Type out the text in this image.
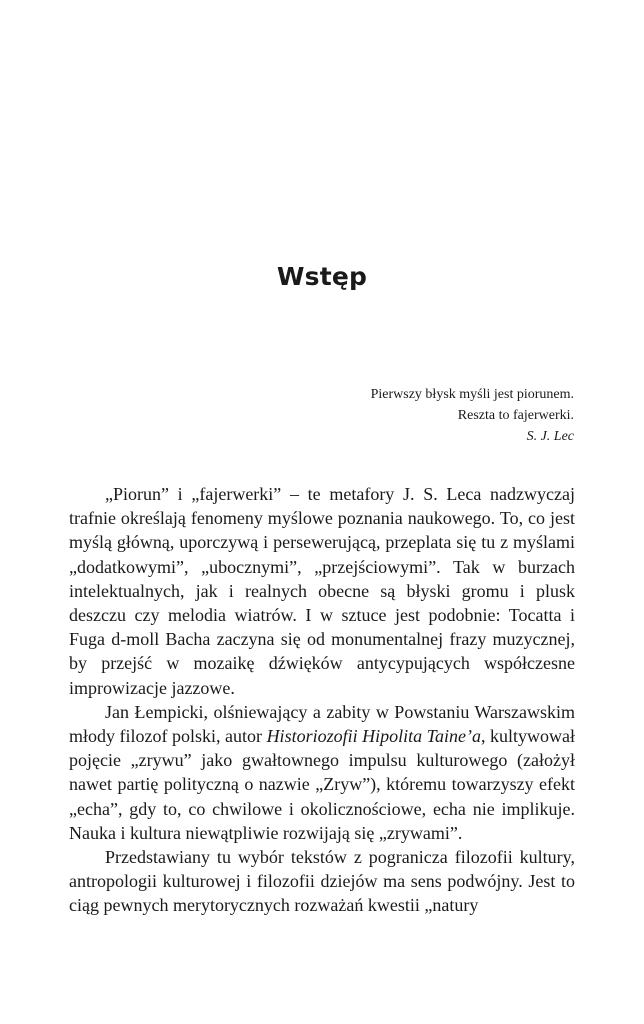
Wstęp
Pierwszy błysk myśli jest piorunem.
Reszta to fajerwerki.
S. J. Lec

„Piorun” i „fajerwerki” – te metafory J. S. Leca nadzwyczaj trafnie określają fenomeny myślowe poznania naukowego. To, co jest myślą główną, uporczywą i persewerującą, przeplata się tu z myślami „dodatkowymi”, „ubocznymi”, „przejściowymi”. Tak w burzach intelektualnych, jak i realnych obecne są błyski gromu i plusk deszczu czy melodia wiatrów. I w sztuce jest podobnie: Tocatta i Fuga d-moll Bacha zaczyna się od monumentalnej frazy muzycznej, by przejść w mozaikę dźwięków antycypujących współczesne improwizacje jazzowe.

Jan Łempicki, olśniewający a zabity w Powstaniu Warszawskim młody filozof polski, autor Historiozofii Hipolita Taine’a, kultywował pojęcie „zrywu” jako gwałtownego impulsu kulturowego (założył nawet partię polityczną o nazwie „Zryw”), któremu towarzyszy efekt „echa”, gdy to, co chwilowe i okolicznościowe, echa nie implikuje. Nauka i kultura niewątpliwie rozwijają się „zrywami”.

Przedstawiany tu wybór tekstów z pogranicza filozofii kultury, antropologii kulturowej i filozofii dziejów ma sens podwójny. Jest to ciąg pewnych merytorycznych rozważań kwestii „natury
